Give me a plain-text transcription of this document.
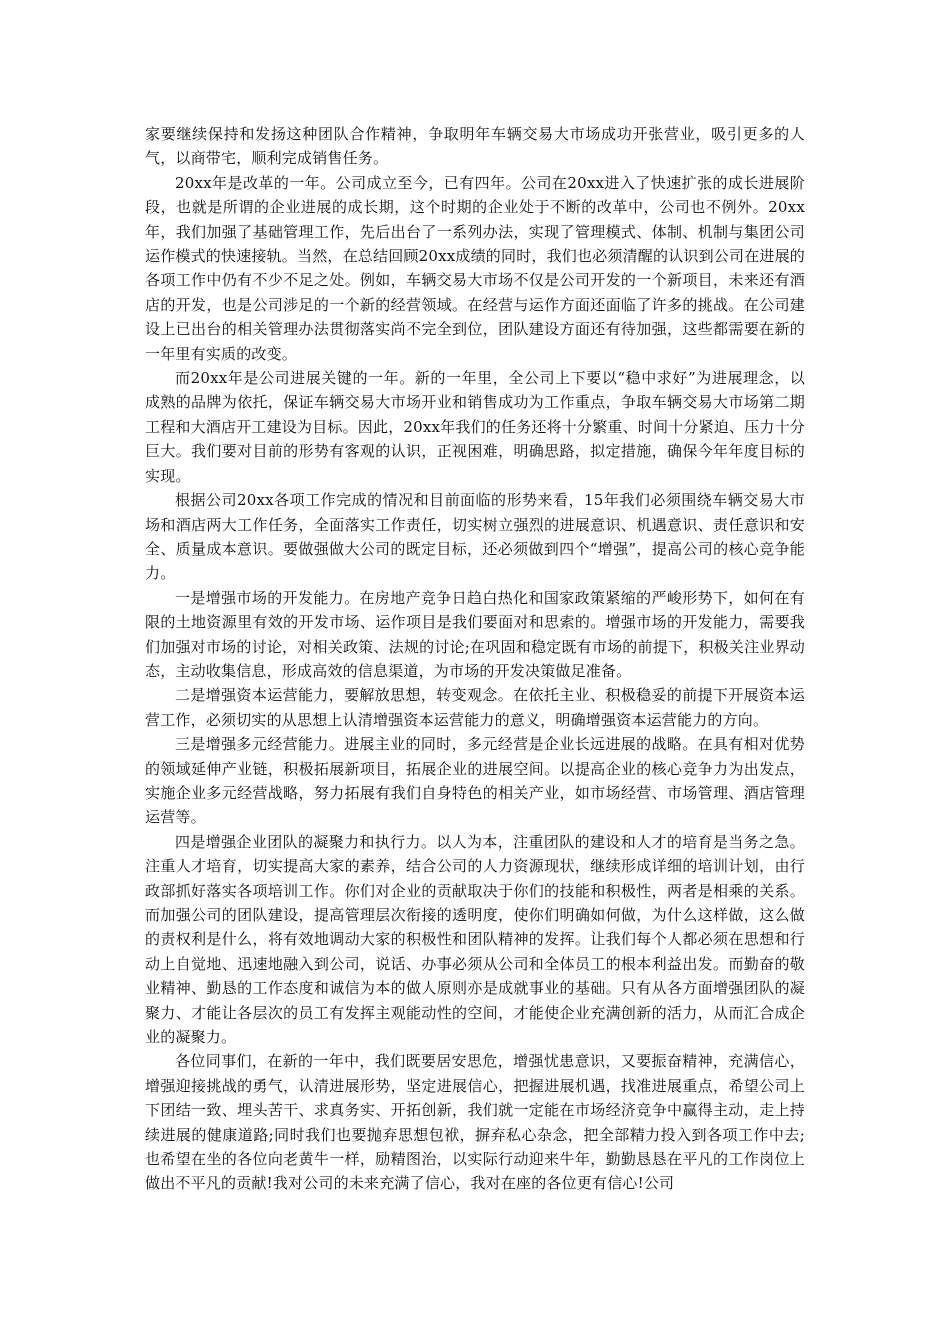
家要继续保持和发扬这种团队合作精神，争取明年车辆交易大市场成功开张营业，吸引更多的人气，以商带宅，顺利完成销售任务。

20xx年是改革的一年。公司成立至今，已有四年。公司在20xx进入了快速扩张的成长进展阶段，也就是所谓的企业进展的成长期，这个时期的企业处于不断的改革中，公司也不例外。20xx年，我们加强了基础管理工作，先后出台了一系列办法，实现了管理模式、体制、机制与集团公司运作模式的快速接轨。当然，在总结回顾20xx成绩的同时，我们也必须清醒的认识到公司在进展的各项工作中仍有不少不足之处。例如，车辆交易大市场不仅是公司开发的一个新项目，未来还有酒店的开发，也是公司涉足的一个新的经营领域。在经营与运作方面还面临了许多的挑战。在公司建设上已出台的相关管理办法贯彻落实尚不完全到位，团队建设方面还有待加强，这些都需要在新的一年里有实质的改变。

而20xx年是公司进展关键的一年。新的一年里，全公司上下要以“稳中求好”为进展理念，以成熟的品牌为依托，保证车辆交易大市场开业和销售成功为工作重点，争取车辆交易大市场第二期工程和大酒店开工建设为目标。因此，20xx年我们的任务还将十分繁重、时间十分紧迫、压力十分巨大。我们要对目前的形势有客观的认识，正视困难，明确思路，拟定措施，确保今年年度目标的实现。

根据公司20xx各项工作完成的情况和目前面临的形势来看，15年我们必须围绕车辆交易大市场和酒店两大工作任务，全面落实工作责任，切实树立强烈的进展意识、机遇意识、责任意识和安全、质量成本意识。要做强做大公司的既定目标，还必须做到四个“增强”，提高公司的核心竞争能力。

一是增强市场的开发能力。在房地产竞争日趋白热化和国家政策紧缩的严峻形势下，如何在有限的土地资源里有效的开发市场、运作项目是我们要面对和思索的。增强市场的开发能力，需要我们加强对市场的讨论，对相关政策、法规的讨论;在巩固和稳定既有市场的前提下，积极关注业界动态，主动收集信息，形成高效的信息渠道，为市场的开发决策做足准备。

二是增强资本运营能力，要解放思想，转变观念。在依托主业、积极稳妥的前提下开展资本运营工作，必须切实的从思想上认清增强资本运营能力的意义，明确增强资本运营能力的方向。

三是增强多元经营能力。进展主业的同时，多元经营是企业长远进展的战略。在具有相对优势的领域延伸产业链，积极拓展新项目，拓展企业的进展空间。以提高企业的核心竞争力为出发点，实施企业多元经营战略，努力拓展有我们自身特色的相关产业，如市场经营、市场管理、酒店管理运营等。

四是增强企业团队的凝聚力和执行力。以人为本，注重团队的建设和人才的培育是当务之急。注重人才培育，切实提高大家的素养，结合公司的人力资源现状，继续形成详细的培训计划，由行政部抓好落实各项培训工作。你们对企业的贡献取决于你们的技能和积极性，两者是相乘的关系。而加强公司的团队建设，提高管理层次衔接的透明度，使你们明确如何做，为什么这样做，这么做的责权利是什么，将有效地调动大家的积极性和团队精神的发挥。让我们每个人都必须在思想和行动上自觉地、迅速地融入到公司，说话、办事必须从公司和全体员工的根本利益出发。而勤奋的敬业精神、勤恳的工作态度和诚信为本的做人原则亦是成就事业的基础。只有从各方面增强团队的凝聚力、才能让各层次的员工有发挥主观能动性的空间，才能使企业充满创新的活力，从而汇合成企业的凝聚力。

各位同事们，在新的一年中，我们既要居安思危，增强忧患意识，又要振奋精神，充满信心，增强迎接挑战的勇气，认清进展形势，坚定进展信心，把握进展机遇，找准进展重点，希望公司上下团结一致、埋头苦干、求真务实、开拓创新，我们就一定能在市场经济竞争中赢得主动，走上持续进展的健康道路;同时我们也要抛弃思想包袱，摒弃私心杂念，把全部精力投入到各项工作中去;也希望在坐的各位向老黄牛一样，励精图治，以实际行动迎来牛年，勤勤恳恳在平凡的工作岗位上做出不平凡的贡献!我对公司的未来充满了信心，我对在座的各位更有信心!公司
